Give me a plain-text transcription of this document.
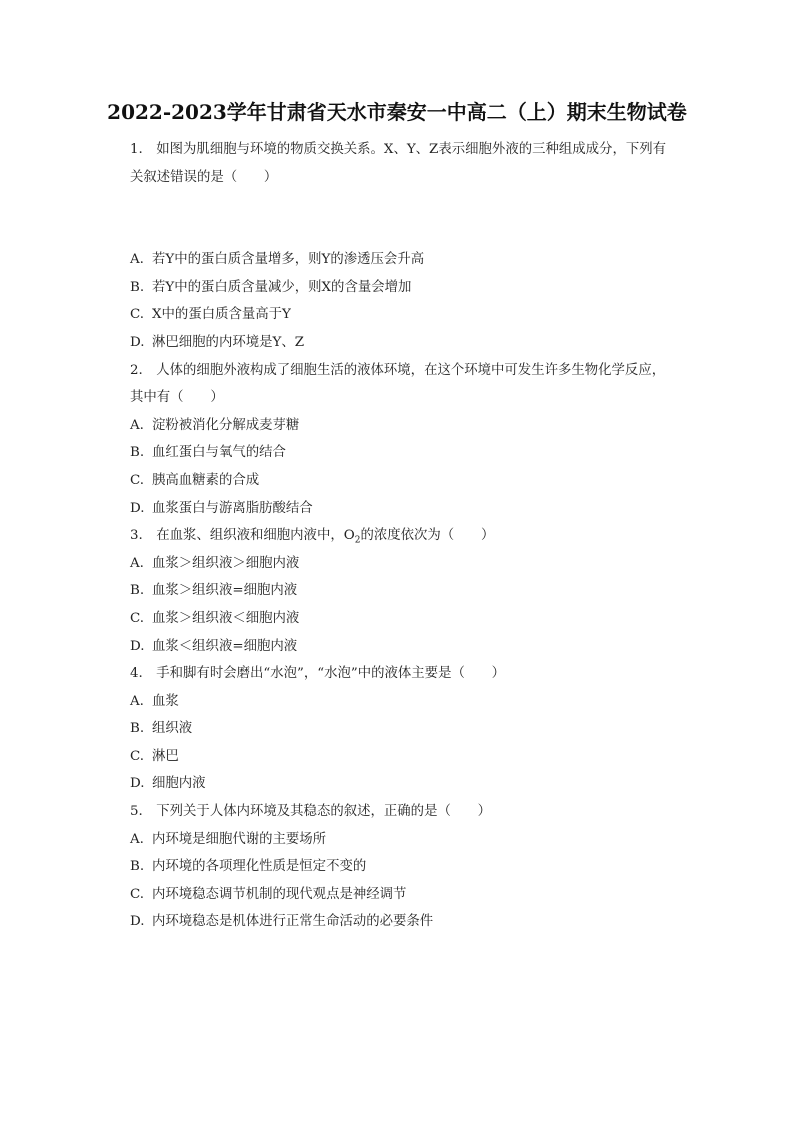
2022-2023学年甘肃省天水市秦安一中高二（上）期末生物试卷

1. 如图为肌细胞与环境的物质交换关系。X、Y、Z表示细胞外液的三种组成成分，下列有

关叙述错误的是（　　）

A. 若Y中的蛋白质含量增多，则Y的渗透压会升高

B. 若Y中的蛋白质含量减少，则X的含量会增加

C. X中的蛋白质含量高于Y

D. 淋巴细胞的内环境是Y、Z

2. 人体的细胞外液构成了细胞生活的液体环境，在这个环境中可发生许多生物化学反应，

其中有（　　）

A. 淀粉被消化分解成麦芽糖

B. 血红蛋白与氧气的结合

C. 胰高血糖素的合成

D. 血浆蛋白与游离脂肪酸结合

3. 在血浆、组织液和细胞内液中，$O_2$的浓度依次为（　　）

A. 血浆＞组织液＞细胞内液

B. 血浆＞组织液=细胞内液

C. 血浆＞组织液＜细胞内液

D. 血浆＜组织液=细胞内液

4. 手和脚有时会磨出“水泡”，“水泡”中的液体主要是（　　）

A. 血浆

B. 组织液

C. 淋巴

D. 细胞内液

5. 下列关于人体内环境及其稳态的叙述，正确的是（　　）

A. 内环境是细胞代谢的主要场所

B. 内环境的各项理化性质是恒定不变的

C. 内环境稳态调节机制的现代观点是神经调节

D. 内环境稳态是机体进行正常生命活动的必要条件
